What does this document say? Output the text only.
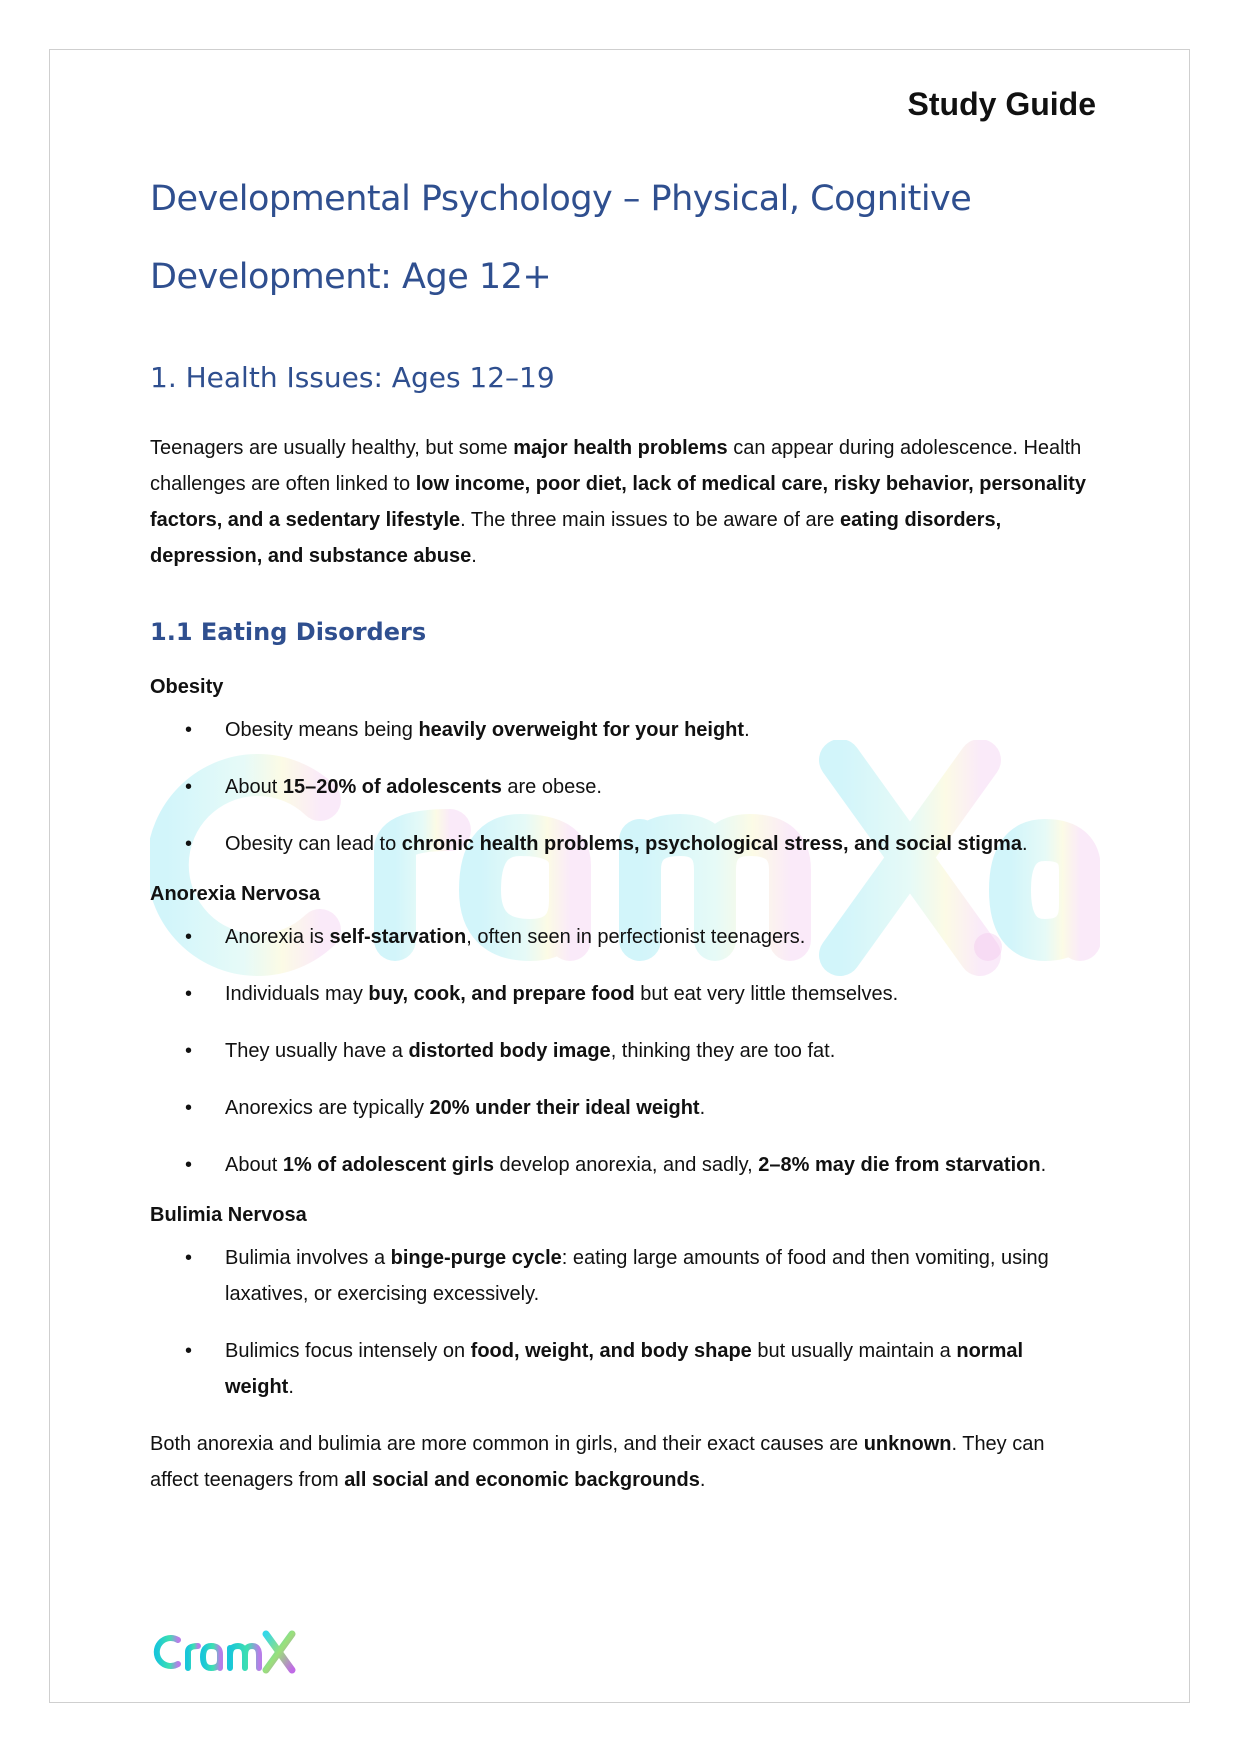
Study Guide
Developmental Psychology – Physical, Cognitive
Development: Age 12+
1. Health Issues: Ages 12–19

Teenagers are usually healthy, but some major health problems can appear during adolescence. Health challenges are often linked to low income, poor diet, lack of medical care, risky behavior, personality factors, and a sedentary lifestyle. The three main issues to be aware of are eating disorders, depression, and substance abuse.

1.1 Eating Disorders
Obesity
• Obesity means being heavily overweight for your height.
• About 15–20% of adolescents are obese.
• Obesity can lead to chronic health problems, psychological stress, and social stigma.
Anorexia Nervosa
• Anorexia is self-starvation, often seen in perfectionist teenagers.
• Individuals may buy, cook, and prepare food but eat very little themselves.
• They usually have a distorted body image, thinking they are too fat.
• Anorexics are typically 20% under their ideal weight.
• About 1% of adolescent girls develop anorexia, and sadly, 2–8% may die from starvation.
Bulimia Nervosa
• Bulimia involves a binge-purge cycle: eating large amounts of food and then vomiting, using laxatives, or exercising excessively.
• Bulimics focus intensely on food, weight, and body shape but usually maintain a normal weight.

Both anorexia and bulimia are more common in girls, and their exact causes are unknown. They can affect teenagers from all social and economic backgrounds.
